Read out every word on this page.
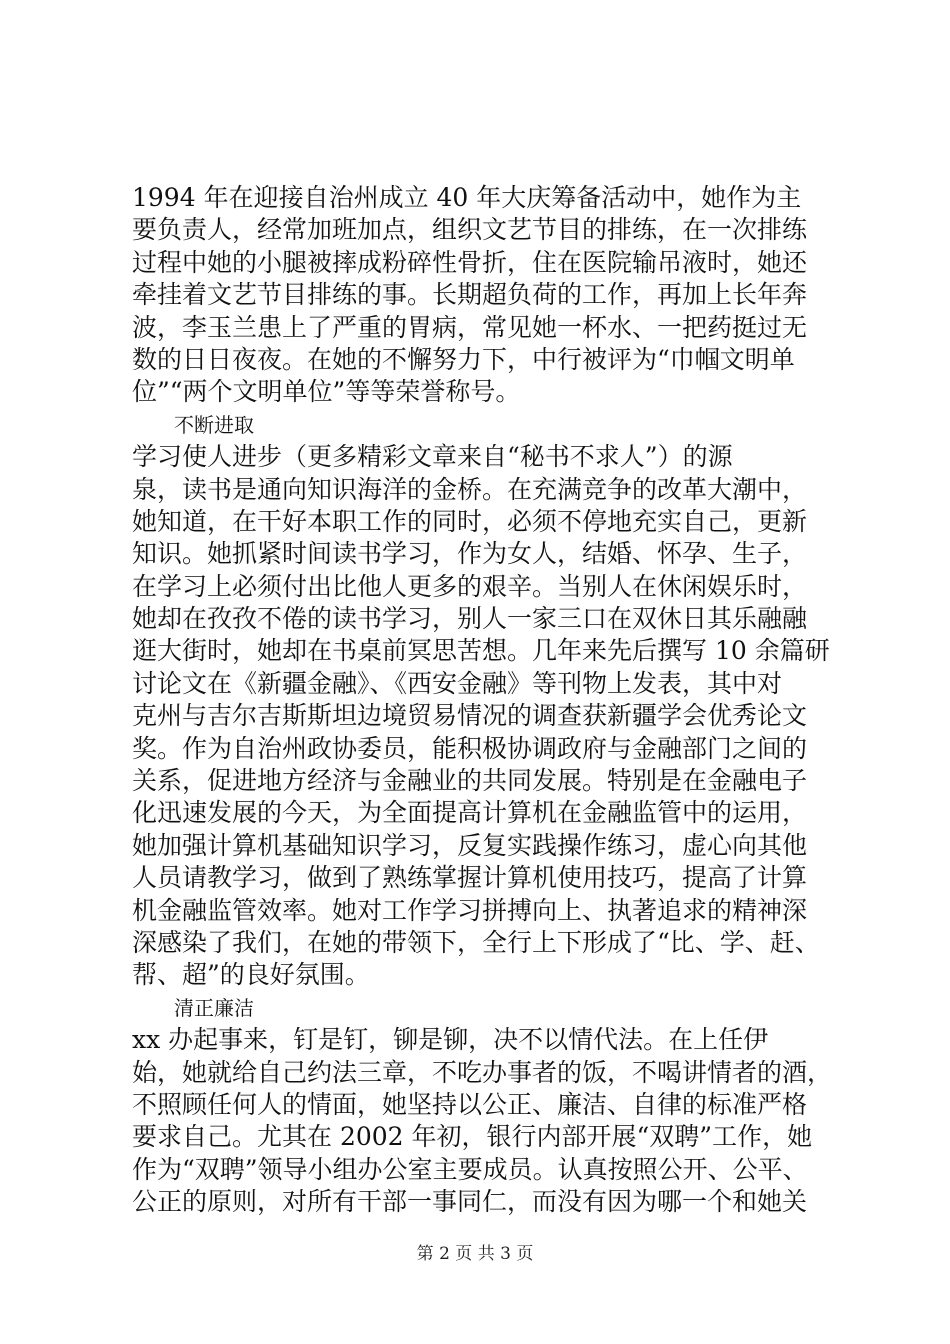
1994 年在迎接自治州成立 40 年大庆筹备活动中，她作为主
要负责人，经常加班加点，组织文艺节目的排练，在一次排练
过程中她的小腿被摔成粉碎性骨折，住在医院输吊液时，她还
牵挂着文艺节目排练的事。长期超负荷的工作，再加上长年奔
波，李玉兰患上了严重的胃病，常见她一杯水、一把药挺过无
数的日日夜夜。在她的不懈努力下，中行被评为“巾帼文明单
位”“两个文明单位”等等荣誉称号。
不断进取
学习使人进步（更多精彩文章来自“秘书不求人”）的源
泉，读书是通向知识海洋的金桥。在充满竞争的改革大潮中，
她知道，在干好本职工作的同时，必须不停地充实自己，更新
知识。她抓紧时间读书学习，作为女人，结婚、怀孕、生子，
在学习上必须付出比他人更多的艰辛。当别人在休闲娱乐时，
她却在孜孜不倦的读书学习，别人一家三口在双休日其乐融融
逛大街时，她却在书桌前冥思苦想。几年来先后撰写 10 余篇研
讨论文在《新疆金融》、《西安金融》等刊物上发表，其中对
克州与吉尔吉斯斯坦边境贸易情况的调查获新疆学会优秀论文
奖。作为自治州政协委员，能积极协调政府与金融部门之间的
关系，促进地方经济与金融业的共同发展。特别是在金融电子
化迅速发展的今天，为全面提高计算机在金融监管中的运用，
她加强计算机基础知识学习，反复实践操作练习，虚心向其他
人员请教学习，做到了熟练掌握计算机使用技巧，提高了计算
机金融监管效率。她对工作学习拼搏向上、执著追求的精神深
深感染了我们，在她的带领下，全行上下形成了“比、学、赶、
帮、超”的良好氛围。
清正廉洁
xx 办起事来，钉是钉，铆是铆，决不以情代法。在上任伊
始，她就给自己约法三章，不吃办事者的饭，不喝讲情者的酒，
不照顾任何人的情面，她坚持以公正、廉洁、自律的标准严格
要求自己。尤其在 2002 年初，银行内部开展“双聘”工作，她
作为“双聘”领导小组办公室主要成员。认真按照公开、公平、
公正的原则，对所有干部一事同仁，而没有因为哪一个和她关
第 2 页 共 3 页
